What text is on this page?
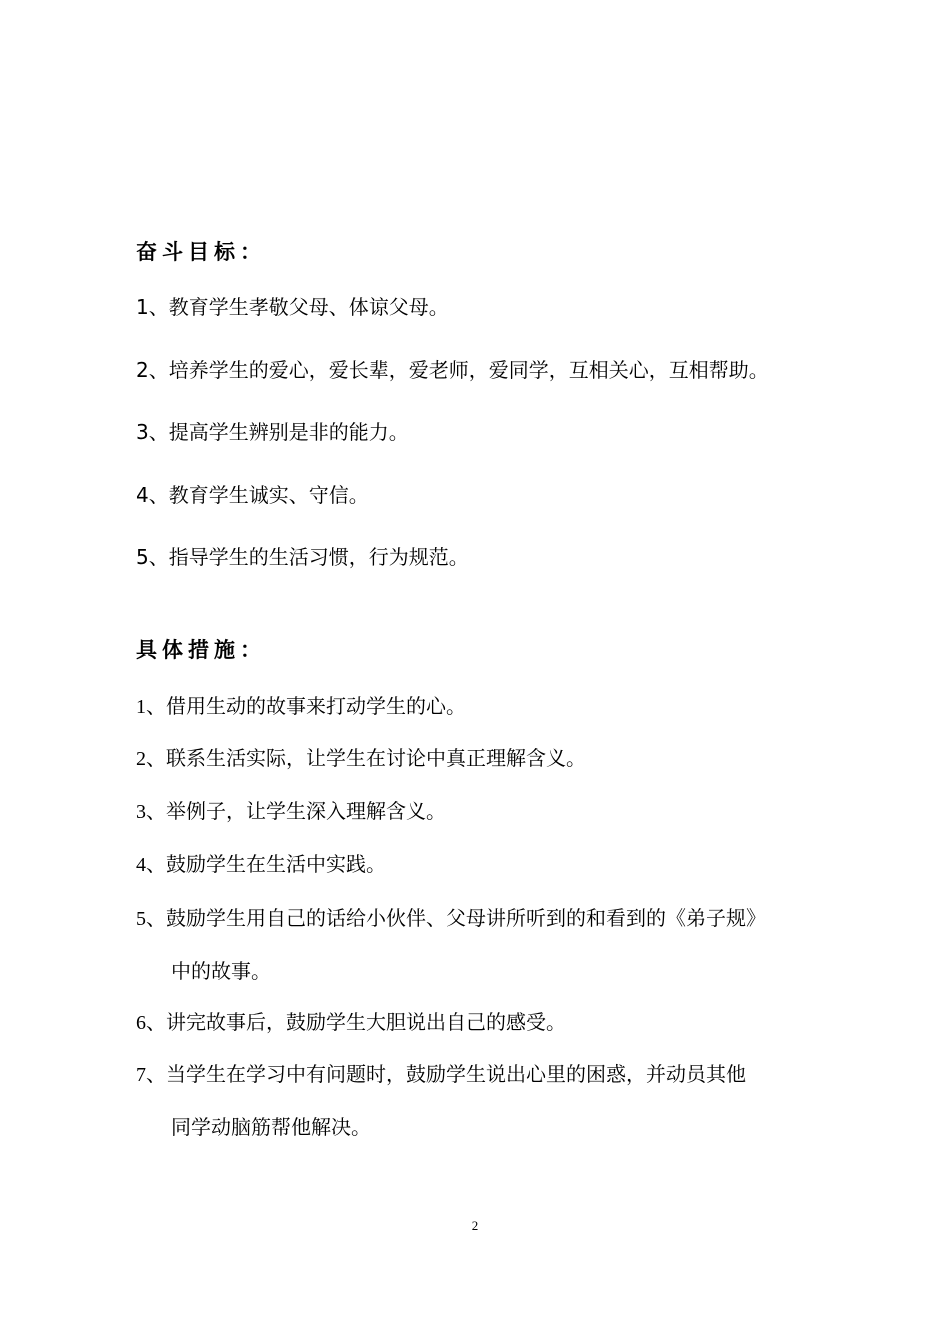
奋斗目标：
1、教育学生孝敬父母、体谅父母。
2、培养学生的爱心，爱长辈，爱老师，爱同学，互相关心，互相帮助。
3、提高学生辨别是非的能力。
4、教育学生诚实、守信。
5、指导学生的生活习惯，行为规范。
具体措施：
1、借用生动的故事来打动学生的心。
2、联系生活实际，让学生在讨论中真正理解含义。
3、举例子，让学生深入理解含义。
4、鼓励学生在生活中实践。
5、鼓励学生用自己的话给小伙伴、父母讲所听到的和看到的《弟子规》
中的故事。
6、讲完故事后，鼓励学生大胆说出自己的感受。
7、当学生在学习中有问题时，鼓励学生说出心里的困惑，并动员其他
同学动脑筋帮他解决。
2
